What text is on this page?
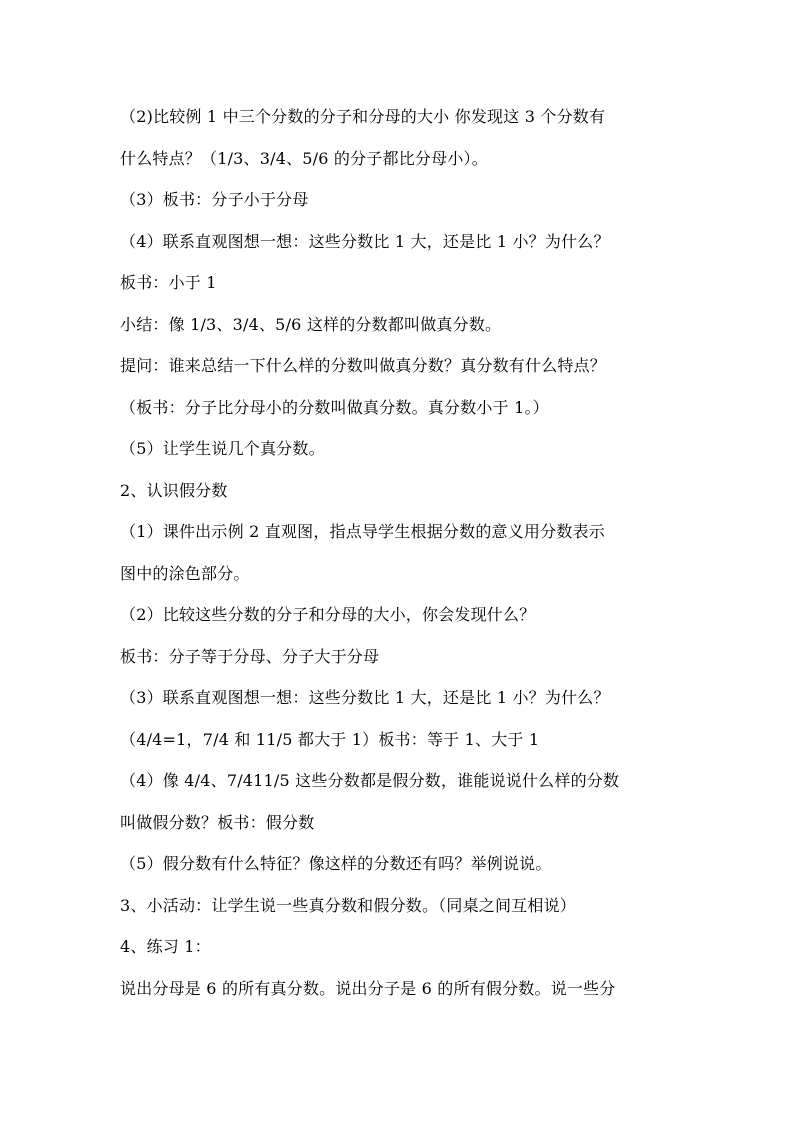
（2)比较例 1 中三个分数的分子和分母的大小 你发现这 3 个分数有
什么特点？（1/3、3/4、5/6 的分子都比分母小）。
（3）板书：分子小于分母
（4）联系直观图想一想：这些分数比 1 大，还是比 1 小？为什么？
板书：小于 1
小结：像 1/3、3/4、5/6 这样的分数都叫做真分数。
提问：谁来总结一下什么样的分数叫做真分数？真分数有什么特点？
（板书：分子比分母小的分数叫做真分数。真分数小于 1。）
（5）让学生说几个真分数。
2、认识假分数
（1）课件出示例 2 直观图，指点导学生根据分数的意义用分数表示
图中的涂色部分。
（2）比较这些分数的分子和分母的大小，你会发现什么？
板书：分子等于分母、分子大于分母
（3）联系直观图想一想：这些分数比 1 大，还是比 1 小？为什么？
（4/4=1，7/4 和 11/5 都大于 1）板书：等于 1、大于 1
（4）像 4/4、7/411/5 这些分数都是假分数，谁能说说什么样的分数
叫做假分数？板书：假分数
（5）假分数有什么特征？像这样的分数还有吗？举例说说。
3、小活动：让学生说一些真分数和假分数。（同桌之间互相说）
4、练习 1：
说出分母是 6 的所有真分数。说出分子是 6 的所有假分数。说一些分
